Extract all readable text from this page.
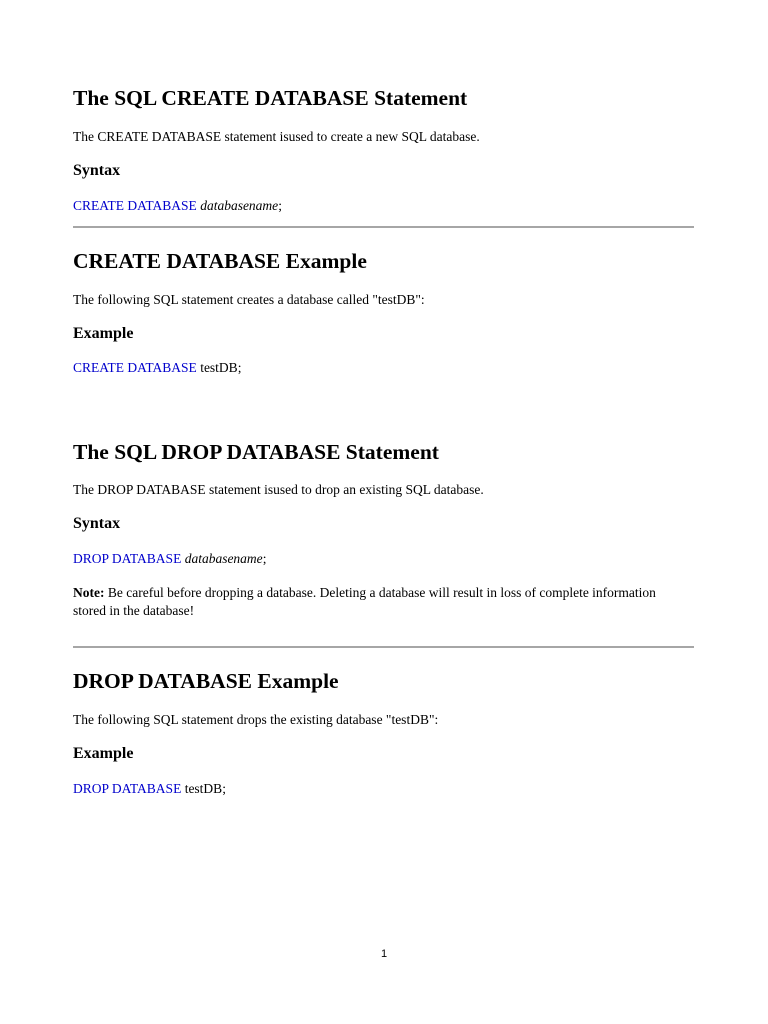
The SQL CREATE DATABASE Statement

The CREATE DATABASE statement isused to create a new SQL database.

Syntax

CREATE DATABASE databasename;

CREATE DATABASE Example

The following SQL statement creates a database called "testDB":

Example

CREATE DATABASE testDB;

The SQL DROP DATABASE Statement

The DROP DATABASE statement isused to drop an existing SQL database.

Syntax

DROP DATABASE databasename;

Note: Be careful before dropping a database. Deleting a database will result in loss of complete information stored in the database!

DROP DATABASE Example

The following SQL statement drops the existing database "testDB":

Example

DROP DATABASE testDB;

1
